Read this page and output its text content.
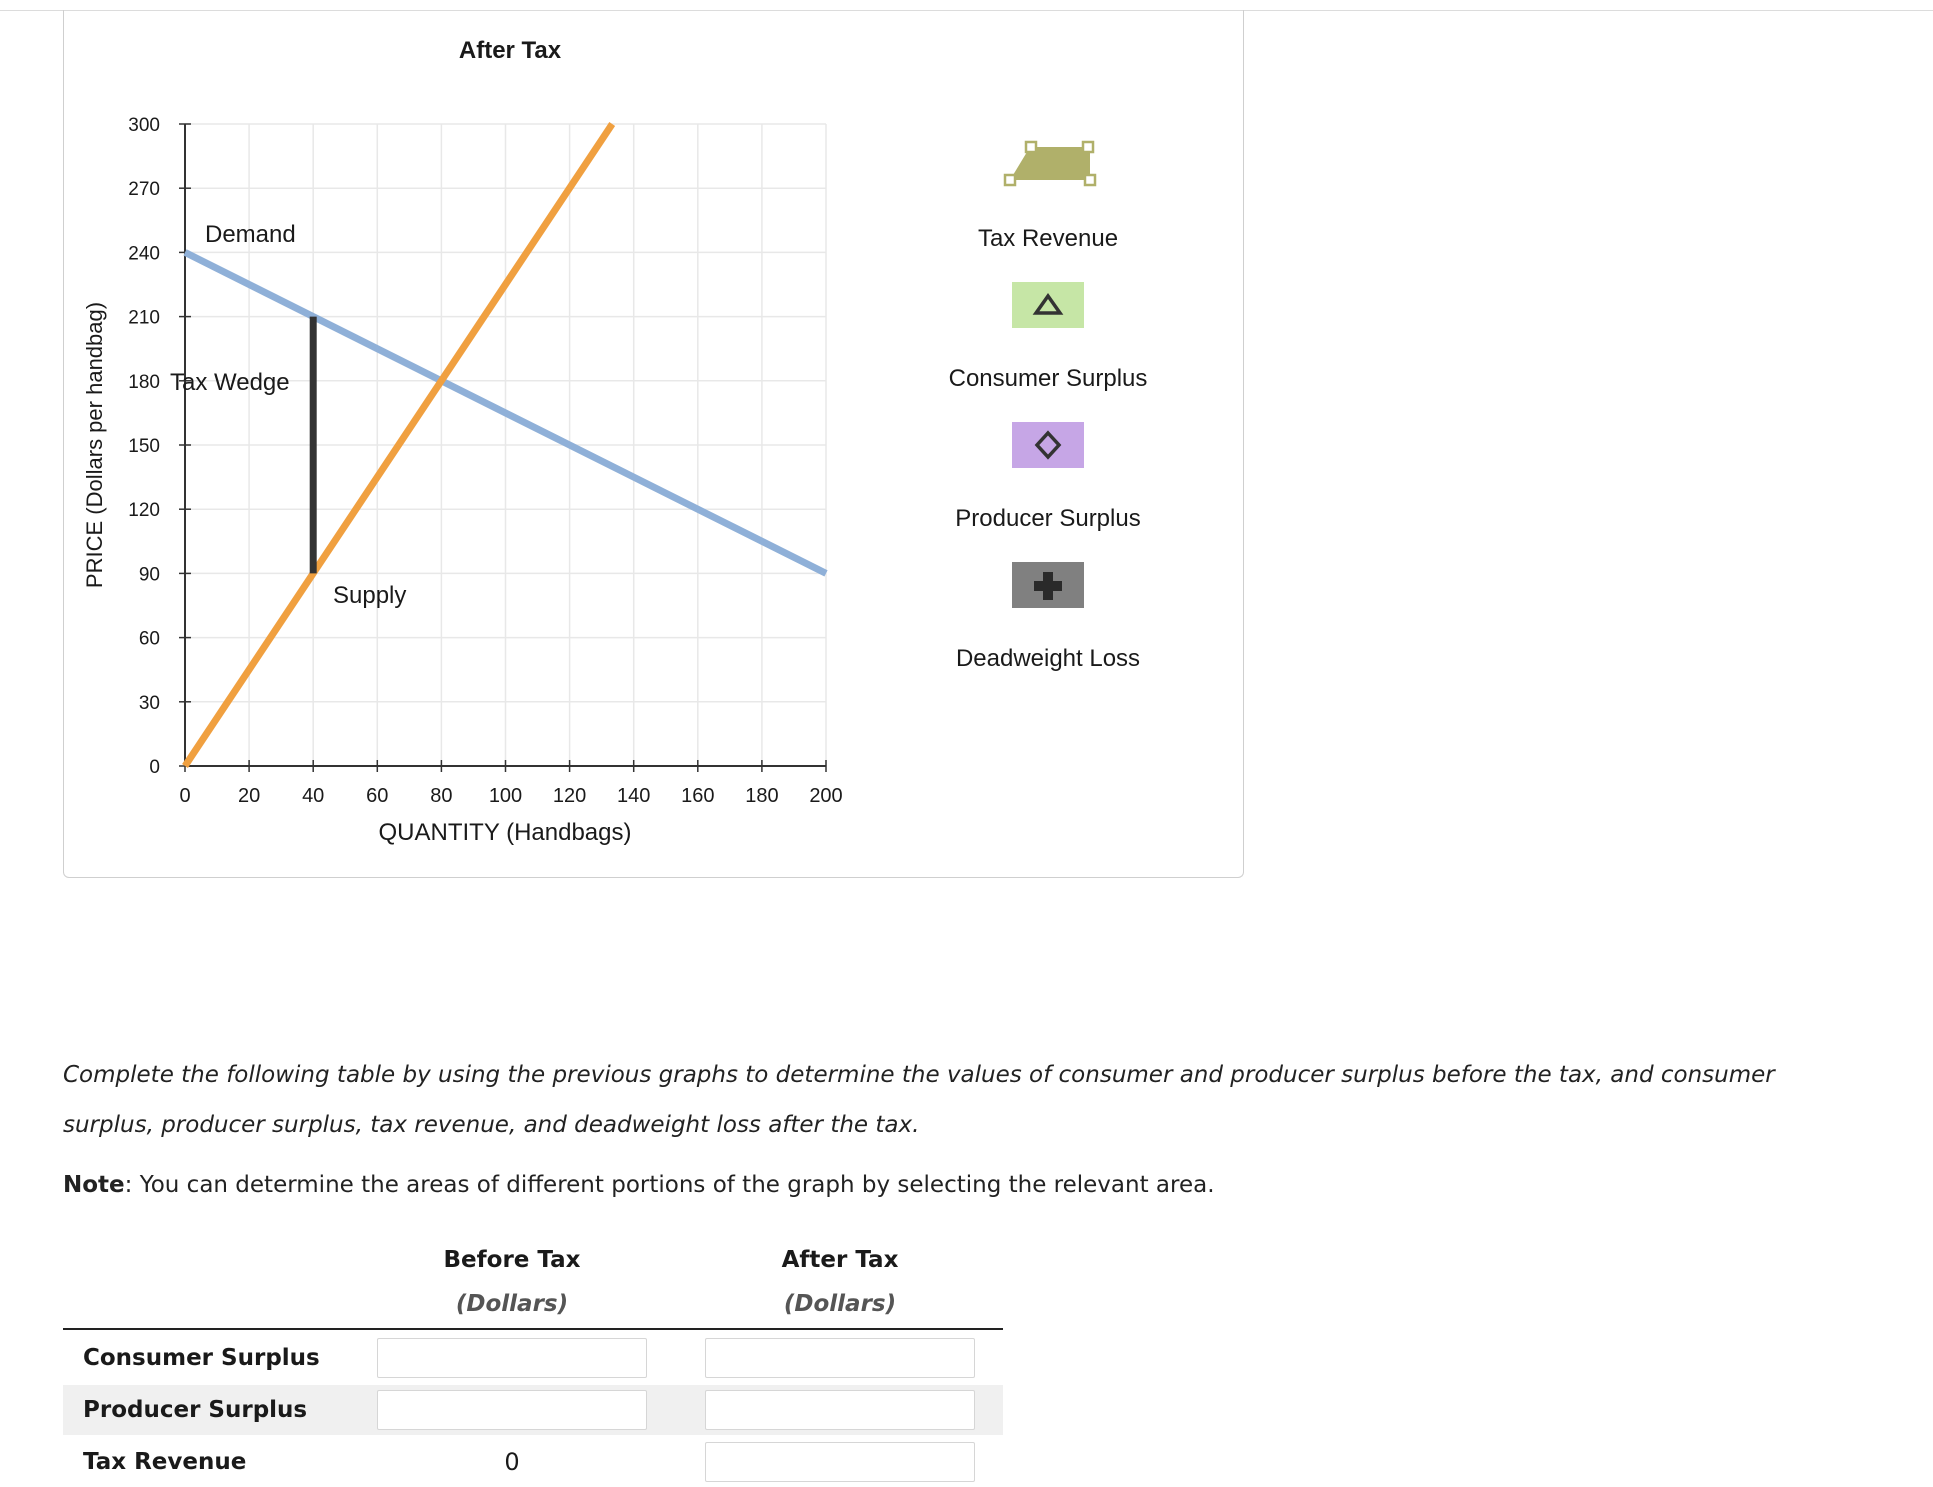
0 20 40 60 80 100 120 140 160 180 200
0
30
60
90
120
150
180
210
240
270
300
After Tax
QUANTITY (Handbags)
PRICE (Dollars per handbag)
Demand
Tax Wedge
Supply
Tax Revenue
Consumer Surplus
Producer Surplus
Deadweight Loss
Complete the following table by using the previous graphs to determine the values of consumer and producer surplus before the tax, and consumer surplus, producer surplus, tax revenue, and deadweight loss after the tax.
Note: You can determine the areas of different portions of the graph by selecting the relevant area.
Before Tax
(Dollars)
After Tax
(Dollars)
Consumer Surplus
Producer Surplus
Tax Revenue	0
